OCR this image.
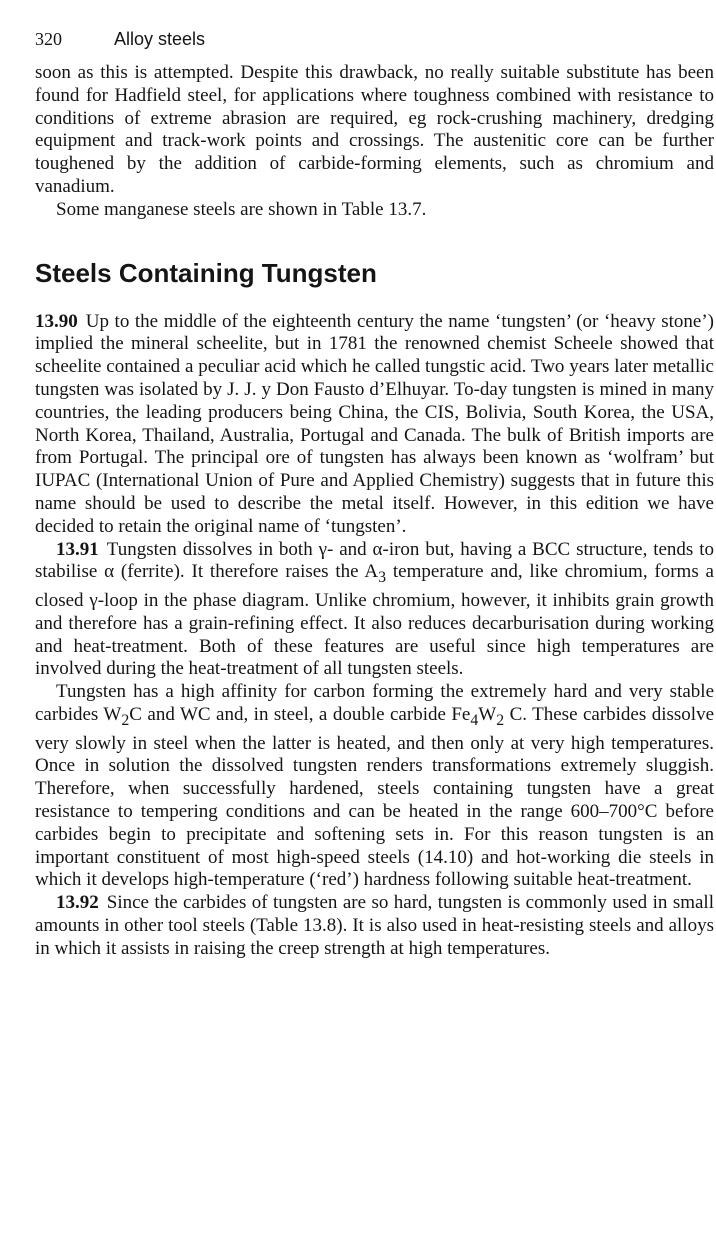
320	Alloy steels

soon as this is attempted. Despite this drawback, no really suitable substitute has been found for Hadfield steel, for applications where toughness combined with resistance to conditions of extreme abrasion are required, eg rock-crushing machinery, dredging equipment and track-work points and crossings. The austenitic core can be further toughened by the addition of carbide-forming elements, such as chromium and vanadium.

Some manganese steels are shown in Table 13.7.

Steels Containing Tungsten

13.90 Up to the middle of the eighteenth century the name ‘tungsten’ (or ‘heavy stone’) implied the mineral scheelite, but in 1781 the renowned chemist Scheele showed that scheelite contained a peculiar acid which he called tungstic acid. Two years later metallic tungsten was isolated by J. J. y Don Fausto d’Elhuyar. To-day tungsten is mined in many countries, the leading producers being China, the CIS, Bolivia, South Korea, the USA, North Korea, Thailand, Australia, Portugal and Canada. The bulk of British imports are from Portugal. The principal ore of tungsten has always been known as ‘wolfram’ but IUPAC (International Union of Pure and Applied Chemistry) suggests that in future this name should be used to describe the metal itself. However, in this edition we have decided to retain the original name of ‘tungsten’.

13.91 Tungsten dissolves in both γ- and α-iron but, having a BCC structure, tends to stabilise α (ferrite). It therefore raises the $A_3$ temperature and, like chromium, forms a closed γ-loop in the phase diagram. Unlike chromium, however, it inhibits grain growth and therefore has a grain-refining effect. It also reduces decarburisation during working and heat-treatment. Both of these features are useful since high temperatures are involved during the heat-treatment of all tungsten steels.

Tungsten has a high affinity for carbon forming the extremely hard and very stable carbides $W_2C$ and WC and, in steel, a double carbide $Fe_4W_2$ C. These carbides dissolve very slowly in steel when the latter is heated, and then only at very high temperatures. Once in solution the dissolved tungsten renders transformations extremely sluggish. Therefore, when successfully hardened, steels containing tungsten have a great resistance to tempering conditions and can be heated in the range 600–700°C before carbides begin to precipitate and softening sets in. For this reason tungsten is an important constituent of most high-speed steels (14.10) and hot-working die steels in which it develops high-temperature (‘red’) hardness following suitable heat-treatment.

13.92 Since the carbides of tungsten are so hard, tungsten is commonly used in small amounts in other tool steels (Table 13.8). It is also used in heat-resisting steels and alloys in which it assists in raising the creep strength at high temperatures.
